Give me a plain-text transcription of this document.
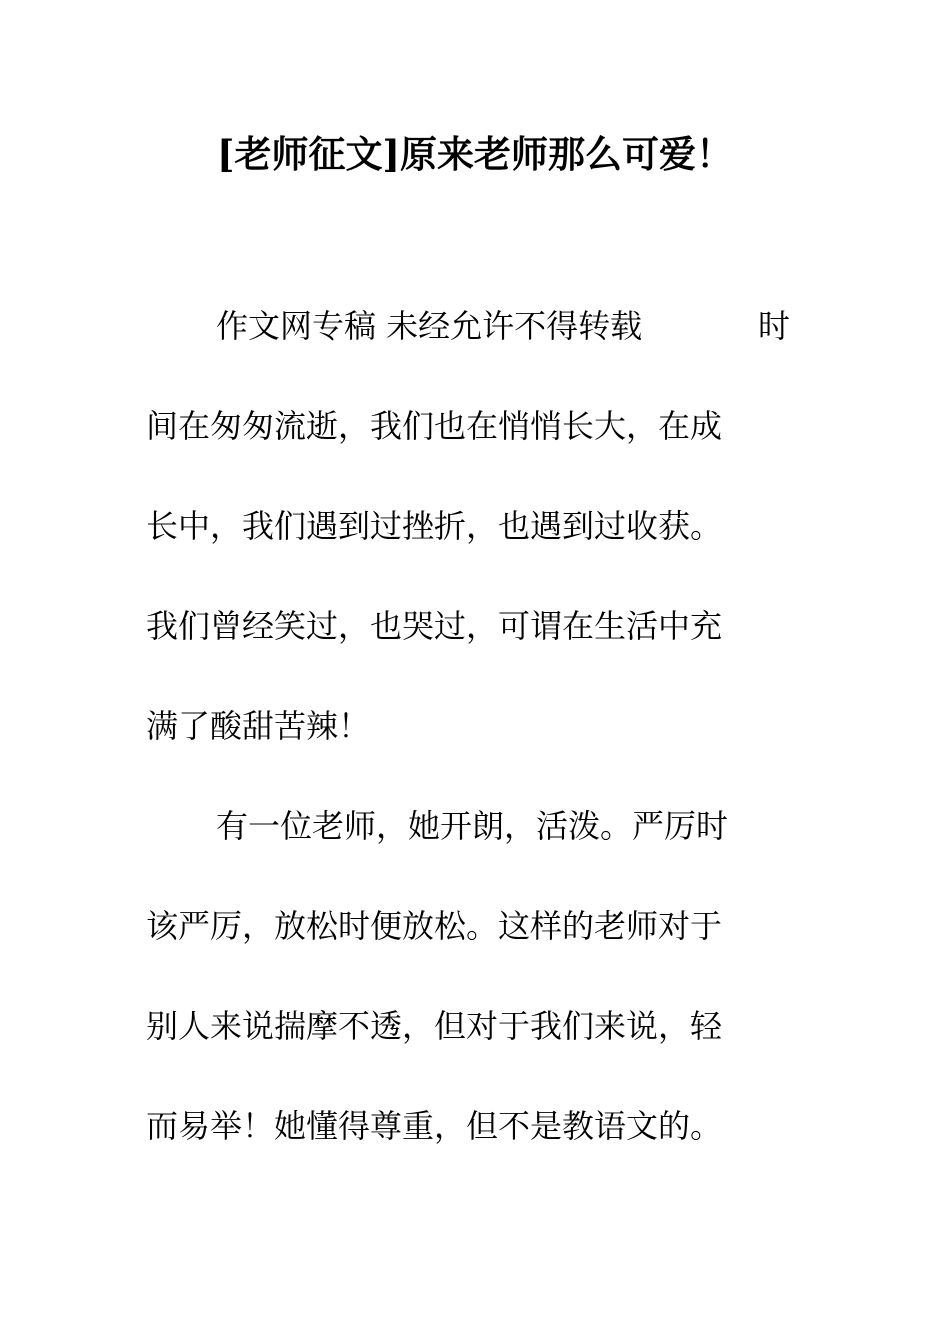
[老师征文]原来老师那么可爱！
作文网专稿 未经允许不得转载	时
间在匆匆流逝，我们也在悄悄长大，在成
长中，我们遇到过挫折，也遇到过收获。
我们曾经笑过，也哭过，可谓在生活中充
满了酸甜苦辣！
有一位老师，她开朗，活泼。严厉时
该严厉，放松时便放松。这样的老师对于
别人来说揣摩不透，但对于我们来说，轻
而易举！她懂得尊重，但不是教语文的。
